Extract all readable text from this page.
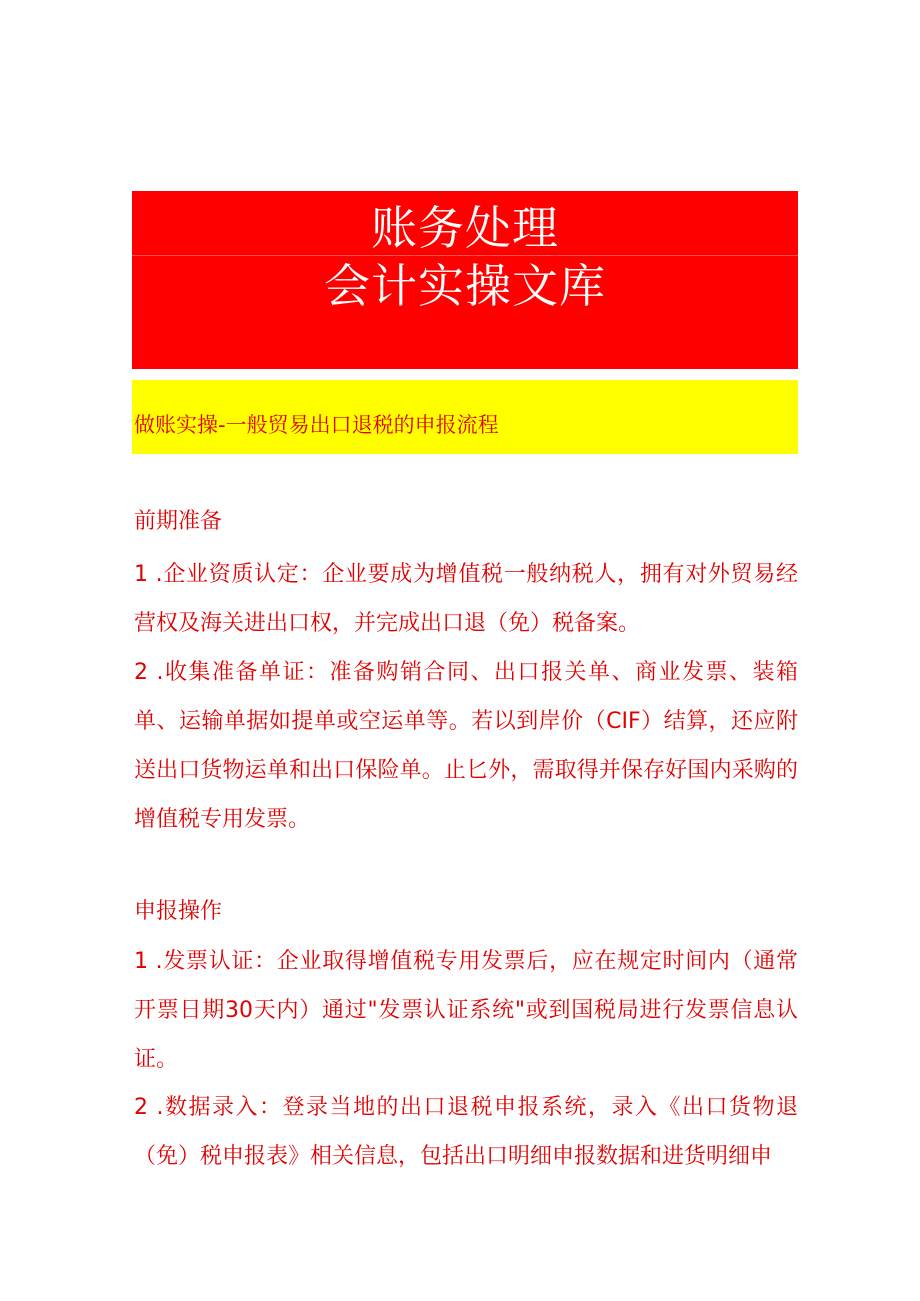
账务处理
会计实操文库
做账实操-一般贸易出口退税的申报流程
前期准备
1 .企业资质认定：企业要成为增值税一般纳税人，拥有对外贸易经营权及海关进出口权，并完成出口退（免）税备案。
2 .收集准备单证：准备购销合同、出口报关单、商业发票、装箱单、运输单据如提单或空运单等。若以到岸价（CIF）结算，还应附送出口货物运单和出口保险单。止匕外，需取得并保存好国内采购的增值税专用发票。
申报操作
1 .发票认证：企业取得增值税专用发票后，应在规定时间内（通常开票日期30天内）通过"发票认证系统"或到国税局进行发票信息认证。
2 .数据录入：登录当地的出口退税申报系统，录入《出口货物退（免）税申报表》相关信息，包括出口明细申报数据和进货明细申
